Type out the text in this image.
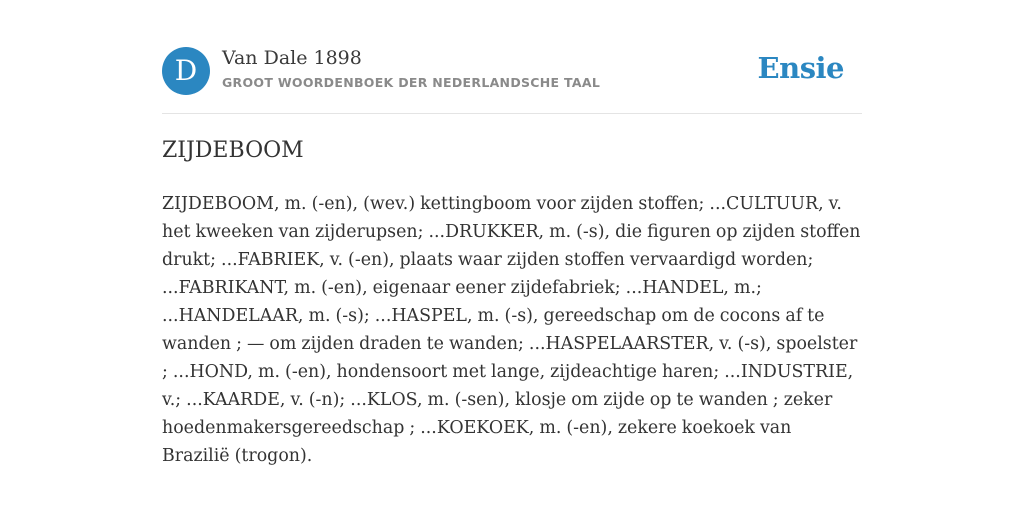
D	Van Dale 1898
GROOT WOORDENBOEK DER NEDERLANDSCHE TAAL	Ensie
ZIJDEBOOM

ZIJDEBOOM, m. (-en), (wev.) kettingboom voor zijden stoffen; ...CULTUUR, v. het kweeken van zijderupsen; ...DRUKKER, m. (-s), die figuren op zijden stoffen drukt; ...FABRIEK, v. (-en), plaats waar zijden stoffen vervaardigd worden; ...FABRIKANT, m. (-en), eigenaar eener zijdefabriek; ...HANDEL, m.; ...HANDELAAR, m. (-s); ...HASPEL, m. (-s), gereedschap om de cocons af te wanden ; — om zijden draden te wanden; ...HASPELAARSTER, v. (-s), spoelster ; ...HOND, m. (-en), hondensoort met lange, zijdeachtige haren; ...INDUSTRIE, v.; ...KAARDE, v. (-n); ...KLOS, m. (-sen), klosje om zijde op te wanden ; zeker hoedenmakersgereedschap ; ...KOEKOEK, m. (-en), zekere koekoek van Brazilië (trogon).
